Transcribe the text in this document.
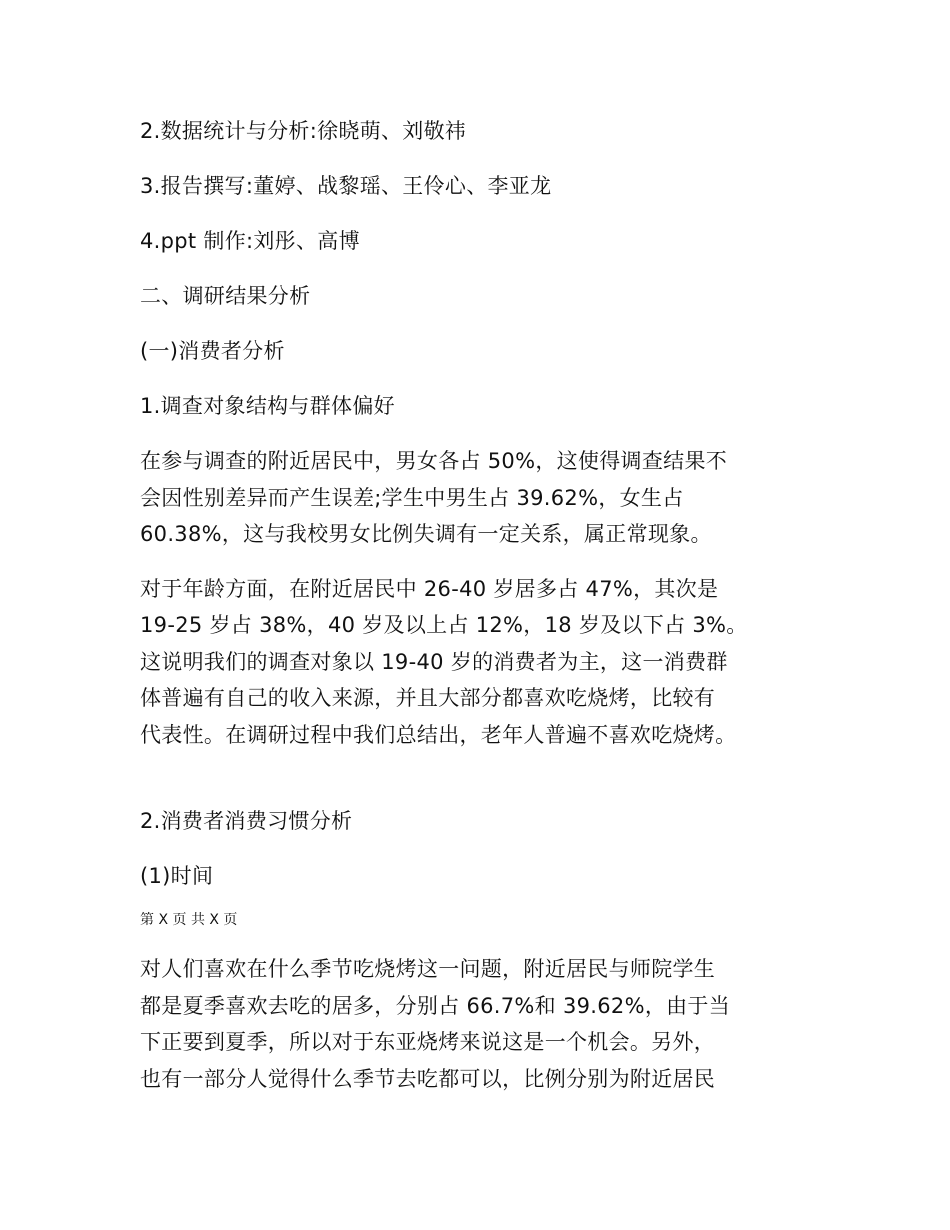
2.数据统计与分析:徐晓萌、刘敬祎
3.报告撰写:董婷、战黎瑶、王伶心、李亚龙
4.ppt 制作:刘彤、高博
二、调研结果分析
(一)消费者分析
1.调查对象结构与群体偏好
在参与调查的附近居民中，男女各占 50%，这使得调查结果不
会因性别差异而产生误差;学生中男生占 39.62%，女生占
60.38%，这与我校男女比例失调有一定关系，属正常现象。
对于年龄方面，在附近居民中 26-40 岁居多占 47%，其次是
19-25 岁占 38%，40 岁及以上占 12%，18 岁及以下占 3%。
这说明我们的调查对象以 19-40 岁的消费者为主，这一消费群
体普遍有自己的收入来源，并且大部分都喜欢吃烧烤，比较有
代表性。在调研过程中我们总结出，老年人普遍不喜欢吃烧烤。
2.消费者消费习惯分析
(1)时间
第 X 页 共 X 页
对人们喜欢在什么季节吃烧烤这一问题，附近居民与师院学生
都是夏季喜欢去吃的居多，分别占 66.7%和 39.62%，由于当
下正要到夏季，所以对于东亚烧烤来说这是一个机会。另外，
也有一部分人觉得什么季节去吃都可以，比例分别为附近居民
